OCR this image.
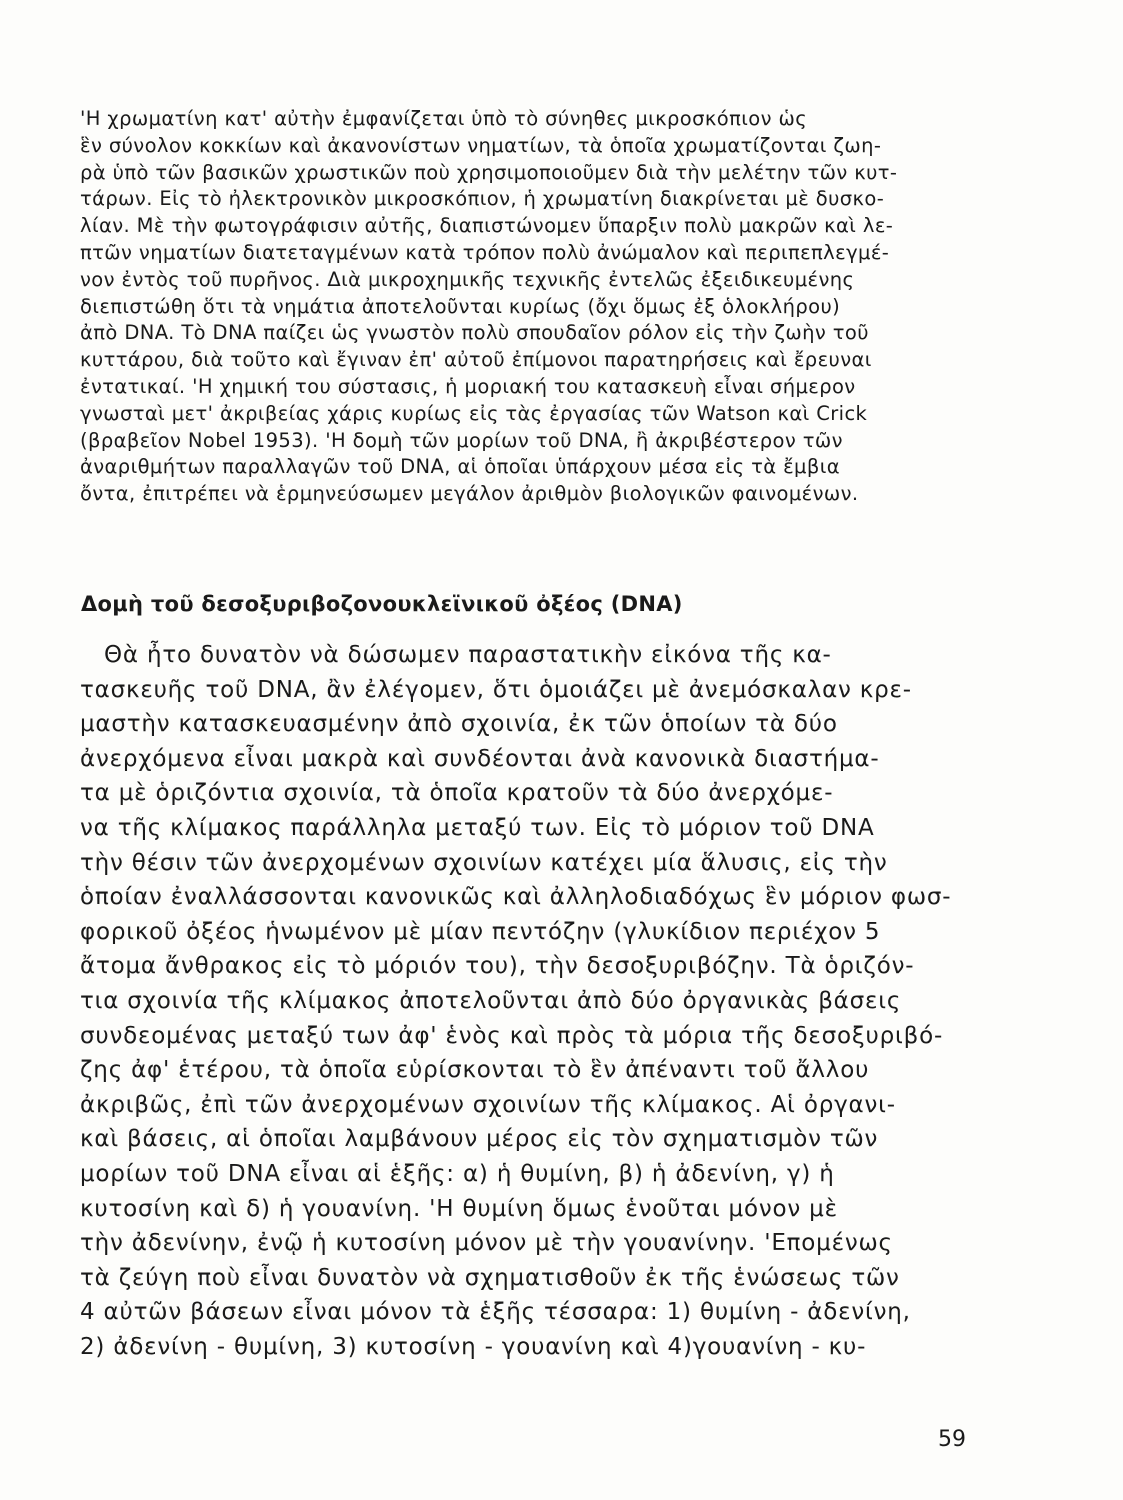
'Η χρωματίνη κατ' αὐτὴν ἐμφανίζεται ὑπὸ τὸ σύνηθες μικροσκόπιον ὡς
ἓν σύνολον κοκκίων καὶ ἀκανονίστων νηματίων, τὰ ὁποῖα χρωματίζονται ζωη-
ρὰ ὑπὸ τῶν βασικῶν χρωστικῶν ποὺ χρησιμοποιοῦμεν διὰ τὴν μελέτην τῶν κυτ-
τάρων. Εἰς τὸ ἠλεκτρονικὸν μικροσκόπιον, ἡ χρωματίνη διακρίνεται μὲ δυσκο-
λίαν. Μὲ τὴν φωτογράφισιν αὐτῆς, διαπιστώνομεν ὕπαρξιν πολὺ μακρῶν καὶ λε-
πτῶν νηματίων διατεταγμένων κατὰ τρόπον πολὺ ἀνώμαλον καὶ περιπεπλεγμέ-
νον ἐντὸς τοῦ πυρῆνος. Διὰ μικροχημικῆς τεχνικῆς ἐντελῶς ἐξειδικευμένης
διεπιστώθη ὅτι τὰ νημάτια ἀποτελοῦνται κυρίως (ὄχι ὅμως ἐξ ὁλοκλήρου)
ἀπὸ DNA. Τὸ DNA παίζει ὡς γνωστὸν πολὺ σπουδαῖον ρόλον εἰς τὴν ζωὴν τοῦ
κυττάρου, διὰ τοῦτο καὶ ἔγιναν ἐπ' αὐτοῦ ἐπίμονοι παρατηρήσεις καὶ ἔρευναι
ἐντατικαί. 'Η χημική του σύστασις, ἡ μοριακή του κατασκευὴ εἶναι σήμερον
γνωσταὶ μετ' ἀκριβείας χάρις κυρίως εἰς τὰς ἐργασίας τῶν Watson καὶ Crick
(βραβεῖον Nobel 1953). 'Η δομὴ τῶν μορίων τοῦ DNA, ἢ ἀκριβέστερον τῶν
ἀναριθμήτων παραλλαγῶν τοῦ DNA, αἱ ὁποῖαι ὑπάρχουν μέσα εἰς τὰ ἔμβια
ὄντα, ἐπιτρέπει νὰ ἑρμηνεύσωμεν μεγάλον ἀριθμὸν βιολογικῶν φαινομένων.
Δομὴ τοῦ δεσοξυριβοζονουκλεϊνικοῦ ὀξέος (DNA)
Θὰ ἦτο δυνατὸν νὰ δώσωμεν παραστατικὴν εἰκόνα τῆς κα-
τασκευῆς τοῦ DNA, ἂν ἐλέγομεν, ὅτι ὁμοιάζει μὲ ἀνεμόσκαλαν κρε-
μαστὴν κατασκευασμένην ἀπὸ σχοινία, ἐκ τῶν ὁποίων τὰ δύο
ἀνερχόμενα εἶναι μακρὰ καὶ συνδέονται ἀνὰ κανονικὰ διαστήμα-
τα μὲ ὁριζόντια σχοινία, τὰ ὁποῖα κρατοῦν τὰ δύο ἀνερχόμε-
να τῆς κλίμακος παράλληλα μεταξύ των. Εἰς τὸ μόριον τοῦ DNA
τὴν θέσιν τῶν ἀνερχομένων σχοινίων κατέχει μία ἅλυσις, εἰς τὴν
ὁποίαν ἐναλλάσσονται κανονικῶς καὶ ἀλληλοδιαδόχως ἓν μόριον φωσ-
φορικοῦ ὀξέος ἡνωμένον μὲ μίαν πεντόζην (γλυκίδιον περιέχον 5
ἄτομα ἄνθρακος εἰς τὸ μόριόν του), τὴν δεσοξυριβόζην. Τὰ ὁριζόν-
τια σχοινία τῆς κλίμακος ἀποτελοῦνται ἀπὸ δύο ὀργανικὰς βάσεις
συνδεομένας μεταξύ των ἀφ' ἑνὸς καὶ πρὸς τὰ μόρια τῆς δεσοξυριβό-
ζης ἀφ' ἑτέρου, τὰ ὁποῖα εὑρίσκονται τὸ ἓν ἀπέναντι τοῦ ἄλλου
ἀκριβῶς, ἐπὶ τῶν ἀνερχομένων σχοινίων τῆς κλίμακος. Αἱ ὀργανι-
καὶ βάσεις, αἱ ὁποῖαι λαμβάνουν μέρος εἰς τὸν σχηματισμὸν τῶν
μορίων τοῦ DNA εἶναι αἱ ἑξῆς: α) ἡ θυμίνη, β) ἡ ἀδενίνη, γ) ἡ
κυτοσίνη καὶ δ) ἡ γουανίνη. 'Η θυμίνη ὅμως ἑνοῦται μόνον μὲ
τὴν ἀδενίνην, ἐνῷ ἡ κυτοσίνη μόνον μὲ τὴν γουανίνην. 'Επομένως
τὰ ζεύγη ποὺ εἶναι δυνατὸν νὰ σχηματισθοῦν ἐκ τῆς ἑνώσεως τῶν
4 αὐτῶν βάσεων εἶναι μόνον τὰ ἑξῆς τέσσαρα: 1) θυμίνη - ἀδενίνη,
2) ἀδενίνη - θυμίνη, 3) κυτοσίνη - γουανίνη καὶ 4)γουανίνη - κυ-
59
